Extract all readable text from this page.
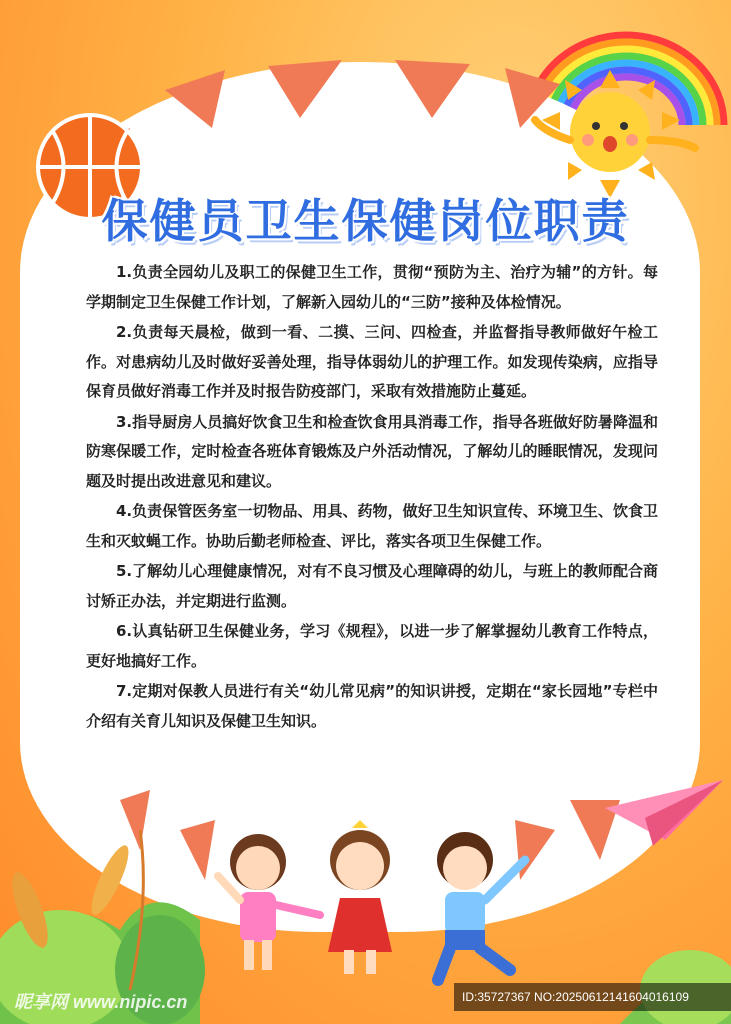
保健员卫生保健岗位职责

1.负责全园幼儿及职工的保健卫生工作，贯彻“预防为主、治疗为辅”的方针。每学期制定卫生保健工作计划，了解新入园幼儿的“三防”接种及体检情况。

2.负责每天晨检，做到一看、二摸、三问、四检查，并监督指导教师做好午检工作。对患病幼儿及时做好妥善处理，指导体弱幼儿的护理工作。如发现传染病，应指导保育员做好消毒工作并及时报告防疫部门，采取有效措施防止蔓延。

3.指导厨房人员搞好饮食卫生和检查饮食用具消毒工作，指导各班做好防暑降温和防寒保暖工作，定时检查各班体育锻炼及户外活动情况，了解幼儿的睡眠情况，发现问题及时提出改进意见和建议。

4.负责保管医务室一切物品、用具、药物，做好卫生知识宣传、环境卫生、饮食卫生和灭蚊蝇工作。协助后勤老师检查、评比，落实各项卫生保健工作。

5.了解幼儿心理健康情况，对有不良习惯及心理障碍的幼儿，与班上的教师配合商讨矫正办法，并定期进行监测。

6.认真钻研卫生保健业务，学习《规程》，以进一步了解掌握幼儿教育工作特点，更好地搞好工作。

7.定期对保教人员进行有关“幼儿常见病”的知识讲授，定期在“家长园地”专栏中介绍有关育儿知识及保健卫生知识。

昵享网 www.nipic.cn	ID:35727367 NO:20250612141604016109
